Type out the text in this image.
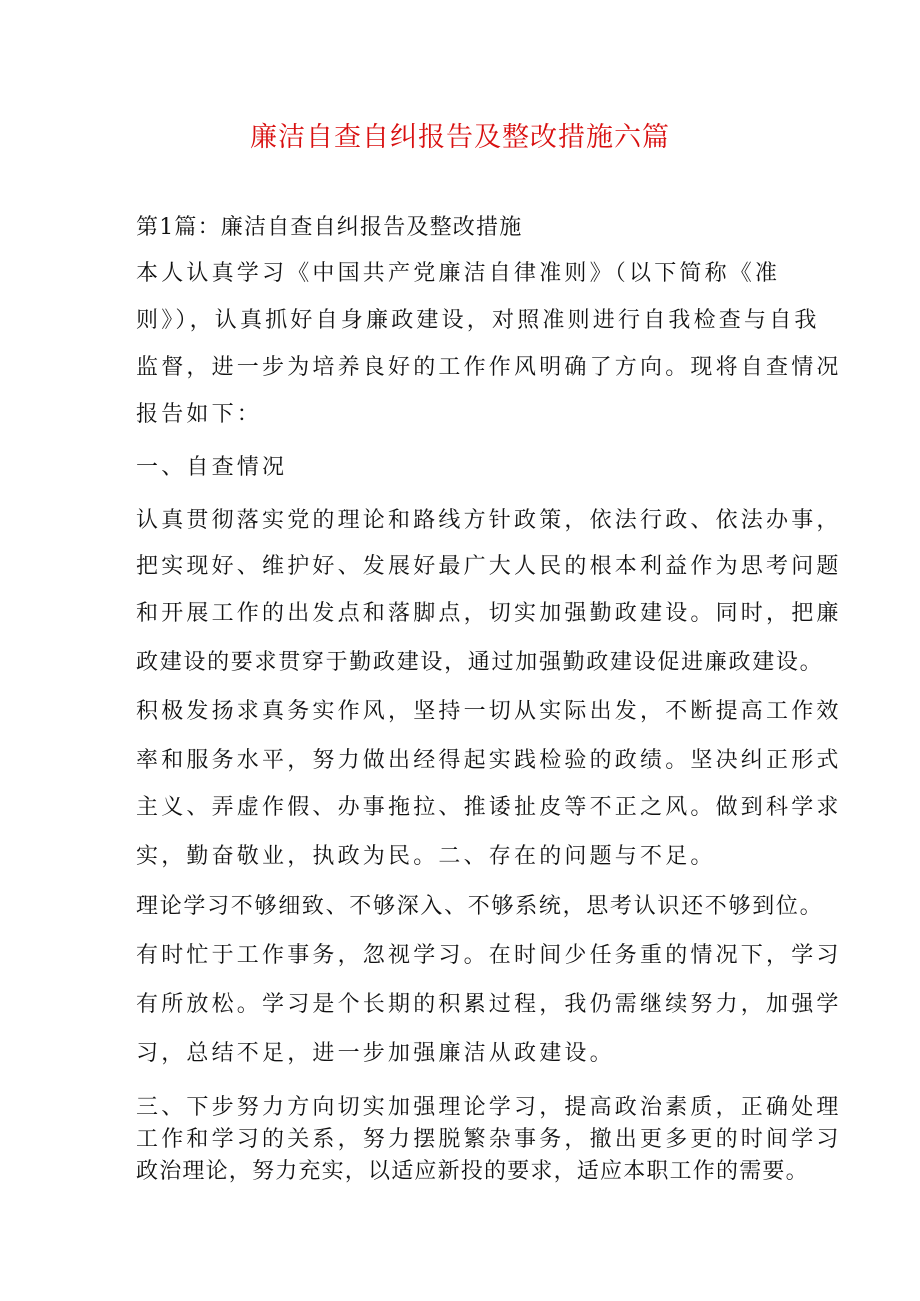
廉洁自查自纠报告及整改措施六篇
第1篇：廉洁自查自纠报告及整改措施
本人认真学习《中国共产党廉洁自律准则》（以下简称《准
则》），认真抓好自身廉政建设，对照准则进行自我检查与自我
监督，进一步为培养良好的工作作风明确了方向。现将自查情况
报告如下：
一、自查情况
认真贯彻落实党的理论和路线方针政策，依法行政、依法办事，
把实现好、维护好、发展好最广大人民的根本利益作为思考问题
和开展工作的出发点和落脚点，切实加强勤政建设。同时，把廉
政建设的要求贯穿于勤政建设，通过加强勤政建设促进廉政建设。
积极发扬求真务实作风，坚持一切从实际出发，不断提高工作效
率和服务水平，努力做出经得起实践检验的政绩。坚决纠正形式
主义、弄虚作假、办事拖拉、推诿扯皮等不正之风。做到科学求
实，勤奋敬业，执政为民。二、存在的问题与不足。
理论学习不够细致、不够深入、不够系统，思考认识还不够到位。
有时忙于工作事务，忽视学习。在时间少任务重的情况下，学习
有所放松。学习是个长期的积累过程，我仍需继续努力，加强学
习，总结不足，进一步加强廉洁从政建设。
三、下步努力方向切实加强理论学习，提高政治素质，正确处理
工作和学习的关系，努力摆脱繁杂事务，撤出更多更的时间学习
政治理论，努力充实，以适应新投的要求，适应本职工作的需要。
